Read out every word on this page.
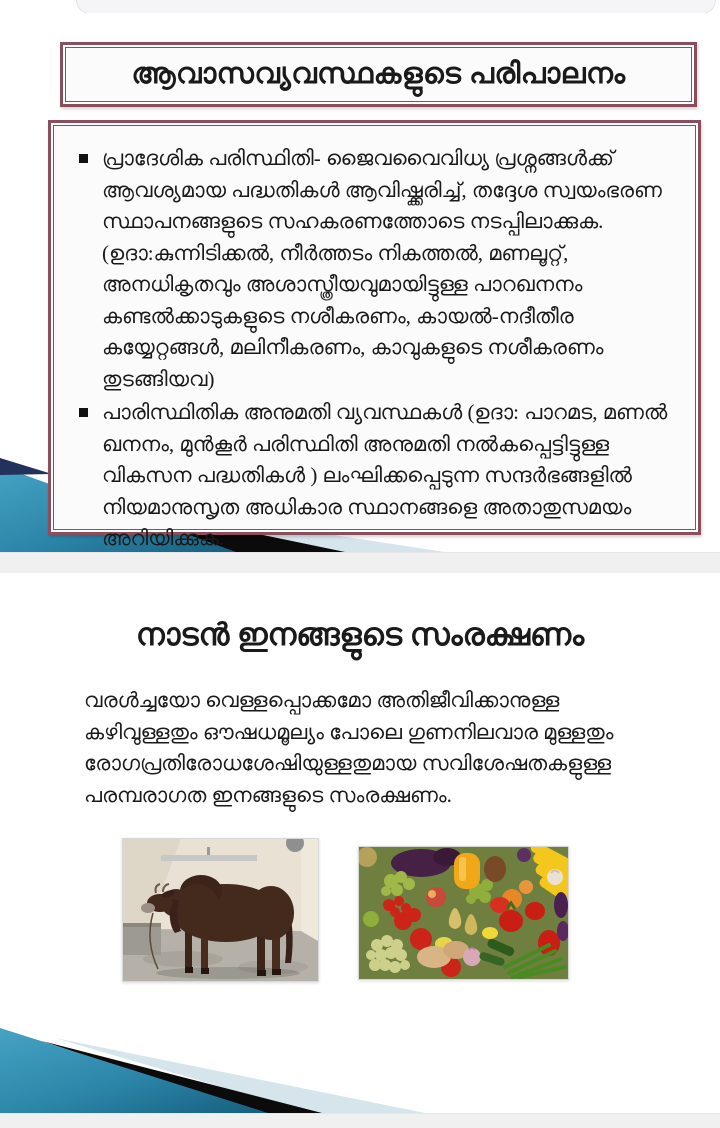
ആവാസവ്യവസ്ഥകളുടെ പരിപാലനം
പ്രാദേശിക പരിസ്ഥിതി- ജൈവവൈവിധ്യ പ്രശ്നങ്ങൾക്ക് ആവശ്യമായ പദ്ധതികൾ ആവിഷ്ക്കരിച്ച്, തദ്ദേശ സ്വയംഭരണ സ്ഥാപനങ്ങളുടെ സഹകരണത്തോടെ നടപ്പിലാക്കുക. (ഉദാ:കുന്നിടിക്കൽ, നീർത്തടം നികത്തൽ, മണലൂറ്റ്, അനധികൃതവും അശാസ്ത്രീയവുമായിട്ടുള്ള പാറഖനനം കണ്ടൽക്കാടുകളുടെ നശീകരണം, കായൽ-നദീതീര കയ്യേറ്റങ്ങൾ, മലിനീകരണം, കാവുകളുടെ നശീകരണം തുടങ്ങിയവ)
പാരിസ്ഥിതിക അനുമതി വ്യവസ്ഥകൾ (ഉദാ: പാറമട, മണൽ ഖനനം, മുൻകൂർ പരിസ്ഥിതി അനുമതി നൽകപ്പെട്ടിട്ടുള്ള വികസന പദ്ധതികൾ ) ലംഘിക്കപ്പെടുന്ന സന്ദർഭങ്ങളിൽ നിയമാനുസൃത അധികാര സ്ഥാനങ്ങളെ അതാതുസമയം അറിയിക്കുക.
നാടൻ ഇനങ്ങളുടെ സംരക്ഷണം
വരൾച്ചയോ വെള്ളപ്പൊക്കമോ അതിജീവിക്കാനുള്ള കഴിവുള്ളതും ഔഷധമൂല്യം പോലെ ഗുണനിലവാര മുള്ളതും രോഗപ്രതിരോധശേഷിയുള്ളതുമായ സവിശേഷതകളുള്ള പരമ്പരാഗത ഇനങ്ങളുടെ സംരക്ഷണം.
